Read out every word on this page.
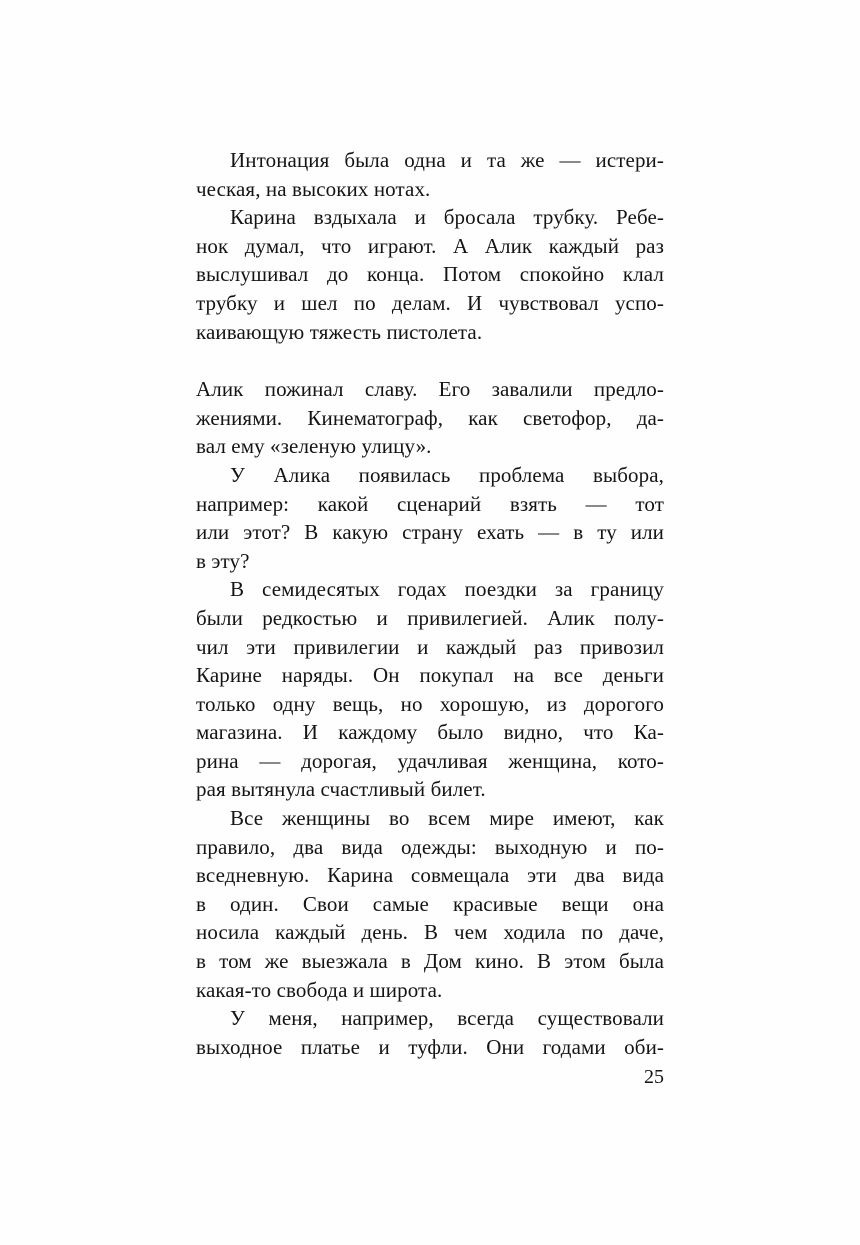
Интонация была одна и та же — истери-
ческая, на высоких нотах.
Карина вздыхала и бросала трубку. Ребе-
нок думал, что играют. А Алик каждый раз
выслушивал до конца. Потом спокойно клал
трубку и шел по делам. И чувствовал успо-
каивающую тяжесть пистолета.
Алик пожинал славу. Его завалили предло-
жениями. Кинематограф, как светофор, да-
вал ему «зеленую улицу».
У Алика появилась проблема выбора,
например: какой сценарий взять — тот
или этот? В какую страну ехать — в ту или
в эту?
В семидесятых годах поездки за границу
были редкостью и привилегией. Алик полу-
чил эти привилегии и каждый раз привозил
Карине наряды. Он покупал на все деньги
только одну вещь, но хорошую, из дорогого
магазина. И каждому было видно, что Ка-
рина — дорогая, удачливая женщина, кото-
рая вытянула счастливый билет.
Все женщины во всем мире имеют, как
правило, два вида одежды: выходную и по-
вседневную. Карина совмещала эти два вида
в один. Свои самые красивые вещи она
носила каждый день. В чем ходила по даче,
в том же выезжала в Дом кино. В этом была
какая-то свобода и широта.
У меня, например, всегда существовали
выходное платье и туфли. Они годами оби-
25
